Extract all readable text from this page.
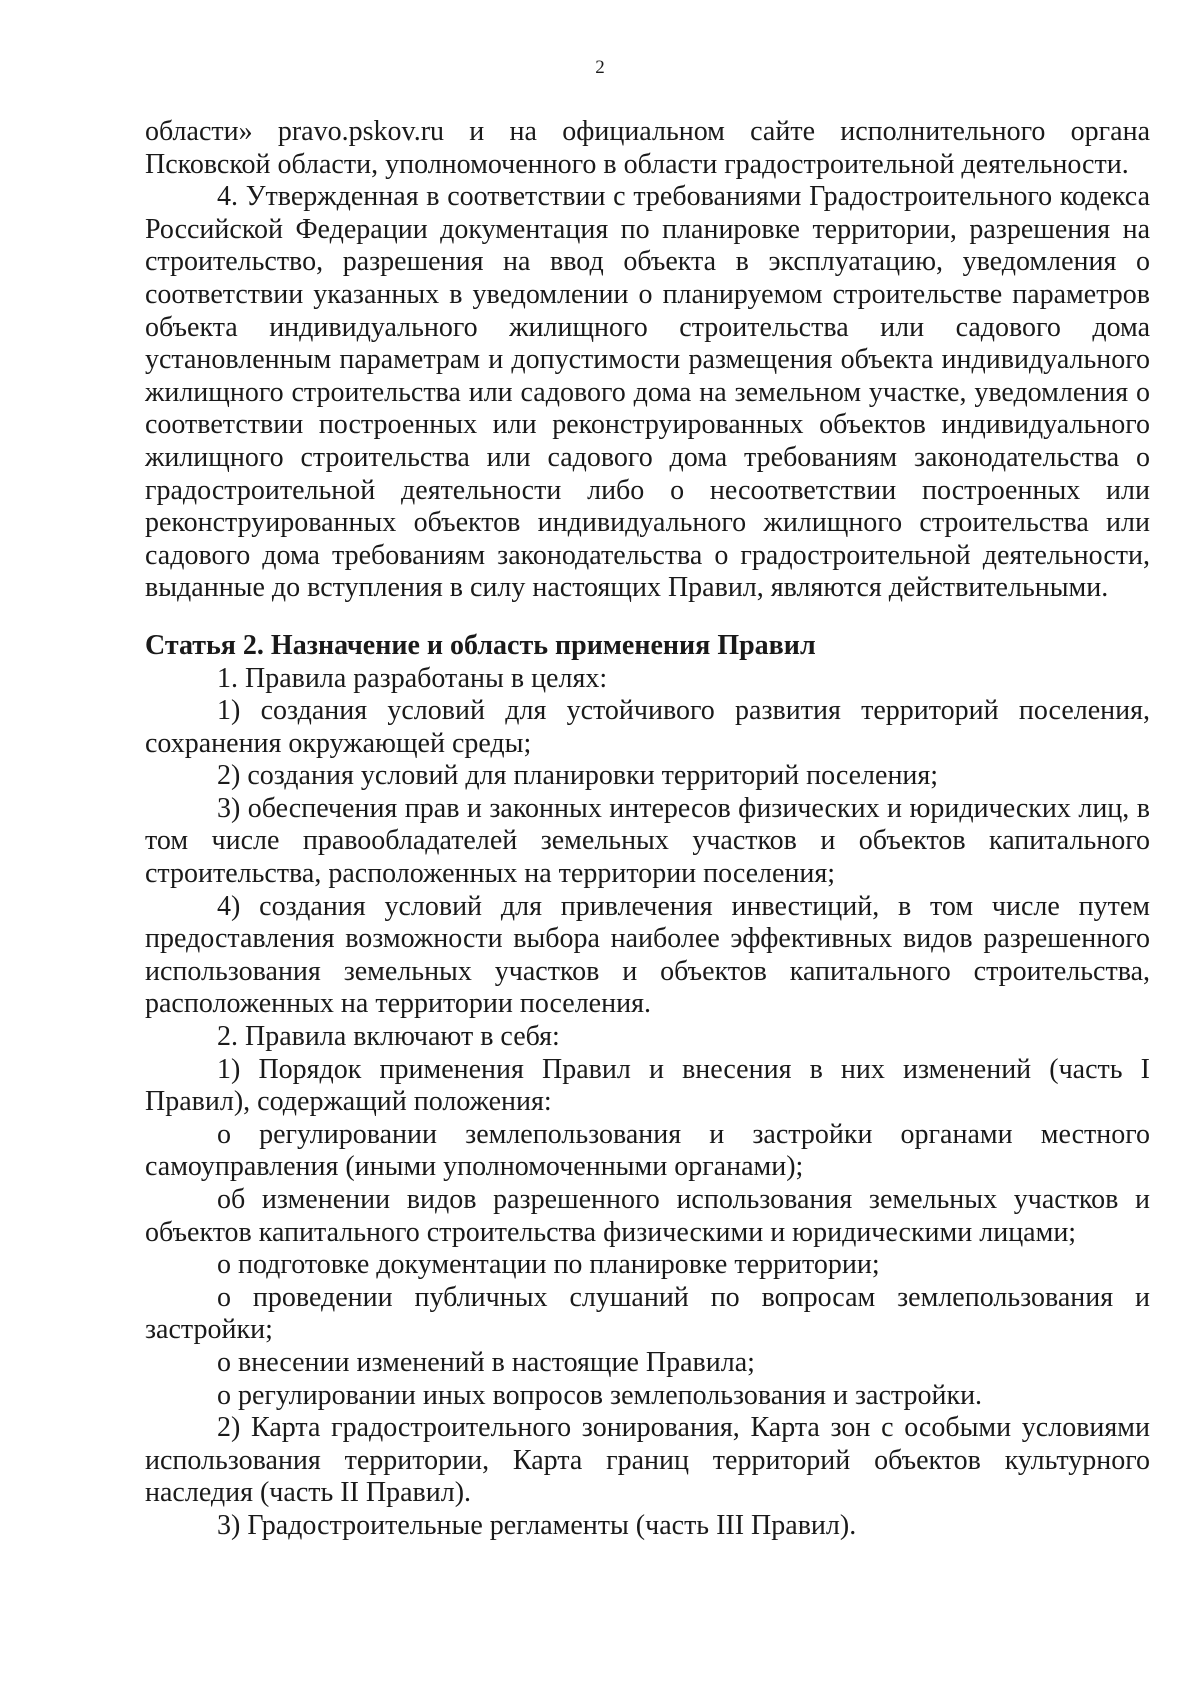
2

области» pravo.pskov.ru и на официальном сайте исполнительного органа Псковской области, уполномоченного в области градостроительной деятельности.

4. Утвержденная в соответствии с требованиями Градостроительного кодекса Российской Федерации документация по планировке территории, разрешения на строительство, разрешения на ввод объекта в эксплуатацию, уведомления о соответствии указанных в уведомлении о планируемом строительстве параметров объекта индивидуального жилищного строительства или садового дома установленным параметрам и допустимости размещения объекта индивидуального жилищного строительства или садового дома на земельном участке, уведомления о соответствии построенных или реконструированных объектов индивидуального жилищного строительства или садового дома требованиям законодательства о градостроительной деятельности либо о несоответствии построенных или реконструированных объектов индивидуального жилищного строительства или садового дома требованиям законодательства о градостроительной деятельности, выданные до вступления в силу настоящих Правил, являются действительными.

Статья 2. Назначение и область применения Правил

1. Правила разработаны в целях:

1) создания условий для устойчивого развития территорий поселения, сохранения окружающей среды;

2) создания условий для планировки территорий поселения;

3) обеспечения прав и законных интересов физических и юридических лиц, в том числе правообладателей земельных участков и объектов капитального строительства, расположенных на территории поселения;

4) создания условий для привлечения инвестиций, в том числе путем предоставления возможности выбора наиболее эффективных видов разрешенного использования земельных участков и объектов капитального строительства, расположенных на территории поселения.

2. Правила включают в себя:

1) Порядок применения Правил и внесения в них изменений (часть I Правил), содержащий положения:

о регулировании землепользования и застройки органами местного самоуправления (иными уполномоченными органами);

об изменении видов разрешенного использования земельных участков и объектов капитального строительства физическими и юридическими лицами;

о подготовке документации по планировке территории;

о проведении публичных слушаний по вопросам землепользования и застройки;

о внесении изменений в настоящие Правила;

о регулировании иных вопросов землепользования и застройки.

2) Карта градостроительного зонирования, Карта зон с особыми условиями использования территории, Карта границ территорий объектов культурного наследия (часть II Правил).

3) Градостроительные регламенты (часть III Правил).
